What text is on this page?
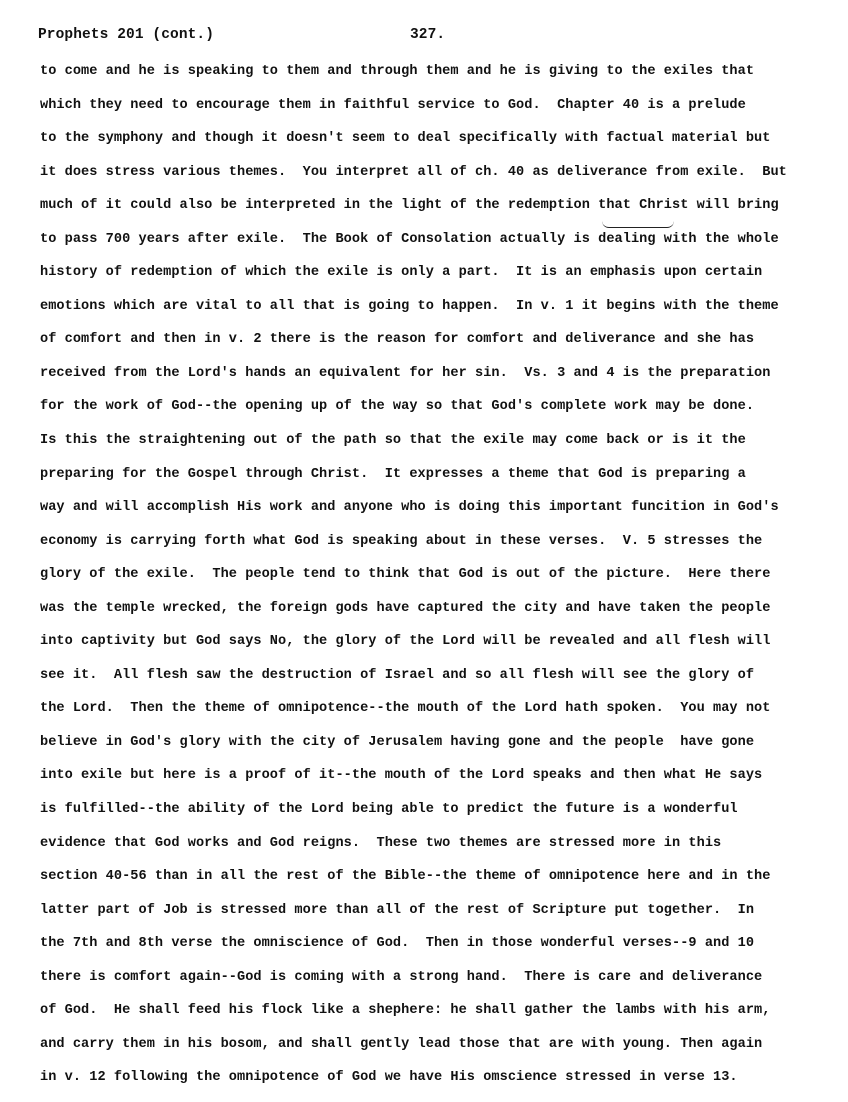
Prophets 201 (cont.)	327.
to come and he is speaking to them and through them and he is giving to the exiles that
which they need to encourage them in faithful service to God.  Chapter 40 is a prelude
to the symphony and though it doesn't seem to deal specifically with factual material but
it does stress various themes.  You interpret all of ch. 40 as deliverance from exile.  But
much of it could also be interpreted in the light of the redemption that Christ will bring
to pass 700 years after exile.  The Book of Consolation actually is dealing with the whole
history of redemption of which the exile is only a part.  It is an emphasis upon certain
emotions which are vital to all that is going to happen.  In v. 1 it begins with the theme
of comfort and then in v. 2 there is the reason for comfort and deliverance and she has
received from the Lord's hands an equivalent for her sin.  Vs. 3 and 4 is the preparation
for the work of God--the opening up of the way so that God's complete work may be done.
Is this the straightening out of the path so that the exile may come back or is it the
preparing for the Gospel through Christ.  It expresses a theme that God is preparing a
way and will accomplish His work and anyone who is doing this important funcition in God's
economy is carrying forth what God is speaking about in these verses.  V. 5 stresses the
glory of the exile.  The people tend to think that God is out of the picture.  Here there
was the temple wrecked, the foreign gods have captured the city and have taken the people
into captivity but God says No, the glory of the Lord will be revealed and all flesh will
see it.  All flesh saw the destruction of Israel and so all flesh will see the glory of
the Lord.  Then the theme of omnipotence--the mouth of the Lord hath spoken.  You may not
believe in God's glory with the city of Jerusalem having gone and the people  have gone
into exile but here is a proof of it--the mouth of the Lord speaks and then what He says
is fulfilled--the ability of the Lord being able to predict the future is a wonderful
evidence that God works and God reigns.  These two themes are stressed more in this
section 40-56 than in all the rest of the Bible--the theme of omnipotence here and in the
latter part of Job is stressed more than all of the rest of Scripture put together.  In
the 7th and 8th verse the omniscience of God.  Then in those wonderful verses--9 and 10
there is comfort again--God is coming with a strong hand.  There is care and deliverance
of God.  He shall feed his flock like a shephere: he shall gather the lambs with his arm,
and carry them in his bosom, and shall gently lead those that are with young. Then again
in v. 12 following the omnipotence of God we have His omscience stressed in verse 13.
